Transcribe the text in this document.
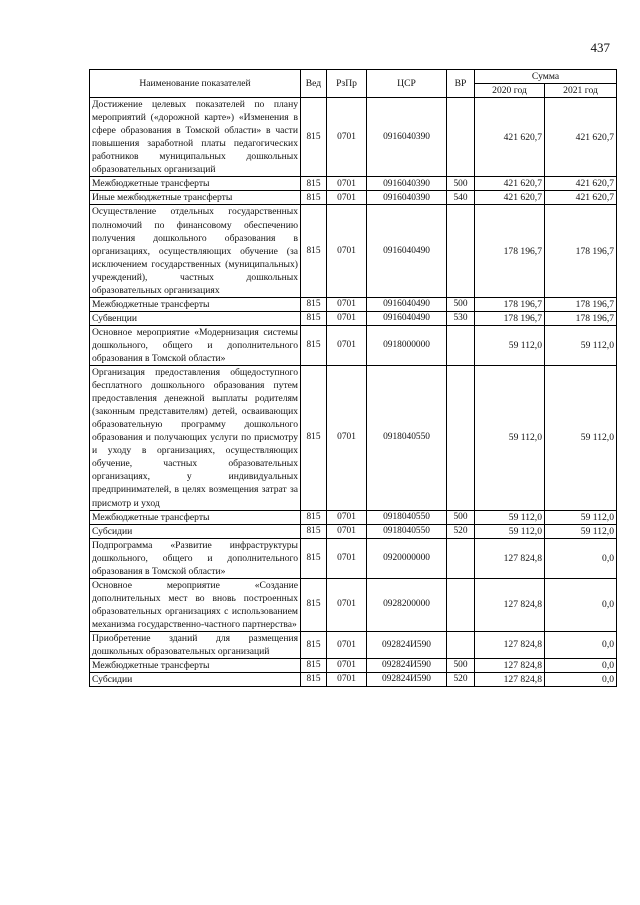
437
Наименование показателей	Вед	РзПр	ЦСР	ВР	Сумма	
					2020 год	2021 год
Достижение целевых показателей по плану мероприятий («дорожной карте») «Изменения в сфере образования в Томской области» в части повышения заработной платы педагогических работников муниципальных дошкольных образовательных организаций	815	0701	0916040390		421 620,7	421 620,7
Межбюджетные трансферты	815	0701	0916040390	500	421 620,7	421 620,7
Иные межбюджетные трансферты	815	0701	0916040390	540	421 620,7	421 620,7
Осуществление отдельных государственных полномочий по финансовому обеспечению получения дошкольного образования в организациях, осуществляющих обучение (за исключением государственных (муниципальных) учреждений), частных дошкольных образовательных организациях	815	0701	0916040490		178 196,7	178 196,7
Межбюджетные трансферты	815	0701	0916040490	500	178 196,7	178 196,7
Субвенции	815	0701	0916040490	530	178 196,7	178 196,7
Основное мероприятие «Модернизация системы дошкольного, общего и дополнительного образования в Томской области»	815	0701	0918000000		59 112,0	59 112,0
Организация предоставления общедоступного бесплатного дошкольного образования путем предоставления денежной выплаты родителям (законным представителям) детей, осваивающих образовательную программу дошкольного образования и получающих услуги по присмотру и уходу в организациях, осуществляющих обучение, частных образовательных организациях, у индивидуальных предпринимателей, в целях возмещения затрат за присмотр и уход	815	0701	0918040550		59 112,0	59 112,0
Межбюджетные трансферты	815	0701	0918040550	500	59 112,0	59 112,0
Субсидии	815	0701	0918040550	520	59 112,0	59 112,0
Подпрограмма «Развитие инфраструктуры дошкольного, общего и дополнительного образования в Томской области»	815	0701	0920000000		127 824,8	0,0
Основное мероприятие «Создание дополнительных мест во вновь построенных образовательных организациях с использованием механизма государственно-частного партнерства»	815	0701	0928200000		127 824,8	0,0
Приобретение зданий для размещения дошкольных образовательных организаций	815	0701	092824И590		127 824,8	0,0
Межбюджетные трансферты	815	0701	092824И590	500	127 824,8	0,0
Субсидии	815	0701	092824И590	520	127 824,8	0,0
